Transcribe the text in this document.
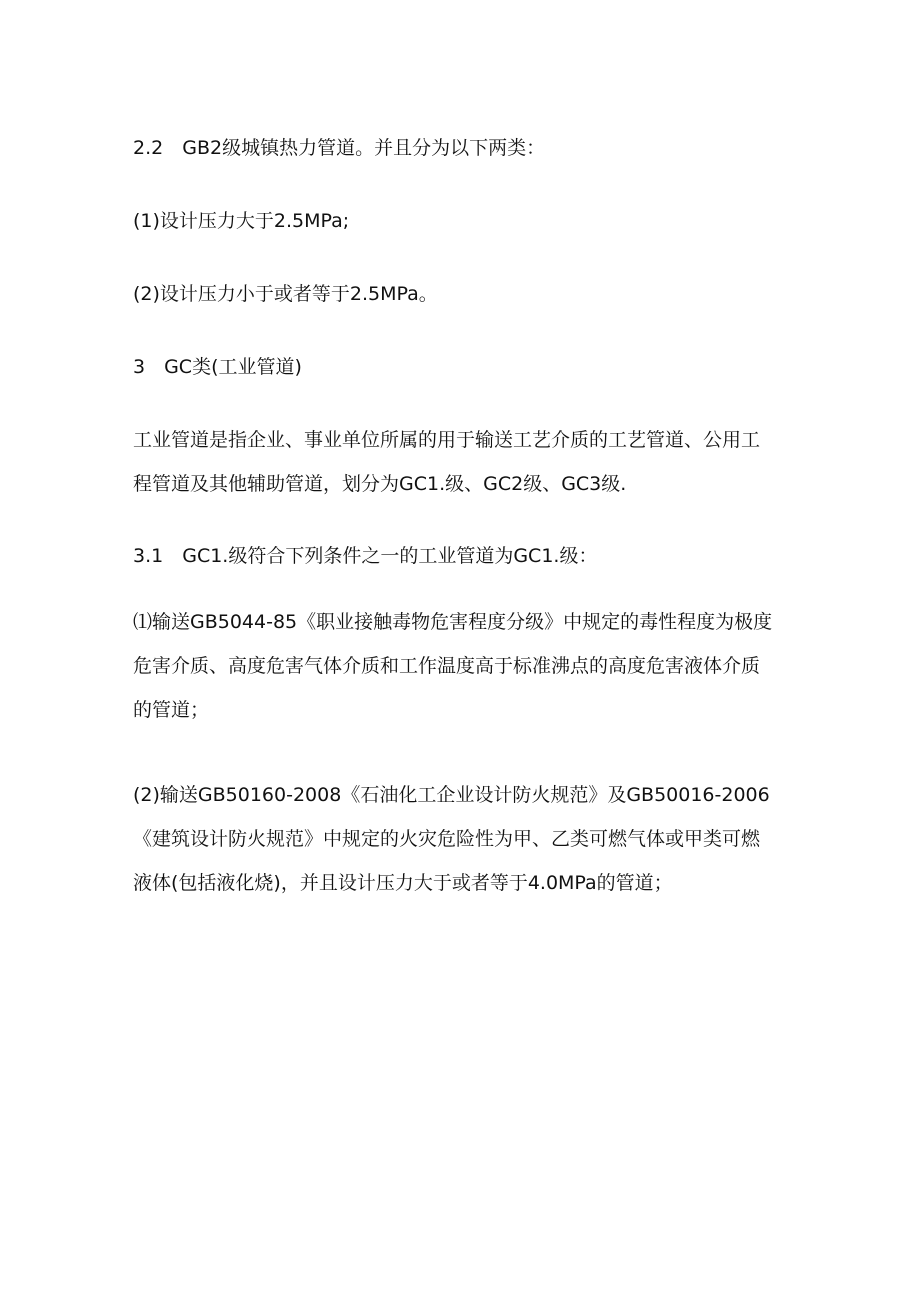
2.2　GB2级城镇热力管道。并且分为以下两类：

(1)设计压力大于2.5MPa;

(2)设计压力小于或者等于2.5MPa。

3　GC类(工业管道)

工业管道是指企业、事业单位所属的用于输送工艺介质的工艺管道、公用工
程管道及其他辅助管道，划分为GC1.级、GC2级、GC3级.

3.1　GC1.级符合下列条件之一的工业管道为GC1.级：

⑴输送GB5044-85《职业接触毒物危害程度分级》中规定的毒性程度为极度
危害介质、高度危害气体介质和工作温度高于标准沸点的高度危害液体介质
的管道；

(2)输送GB50160-2008《石油化工企业设计防火规范》及GB50016-2006
《建筑设计防火规范》中规定的火灾危险性为甲、乙类可燃气体或甲类可燃
液体(包括液化烧)，并且设计压力大于或者等于4.0MPa的管道；
